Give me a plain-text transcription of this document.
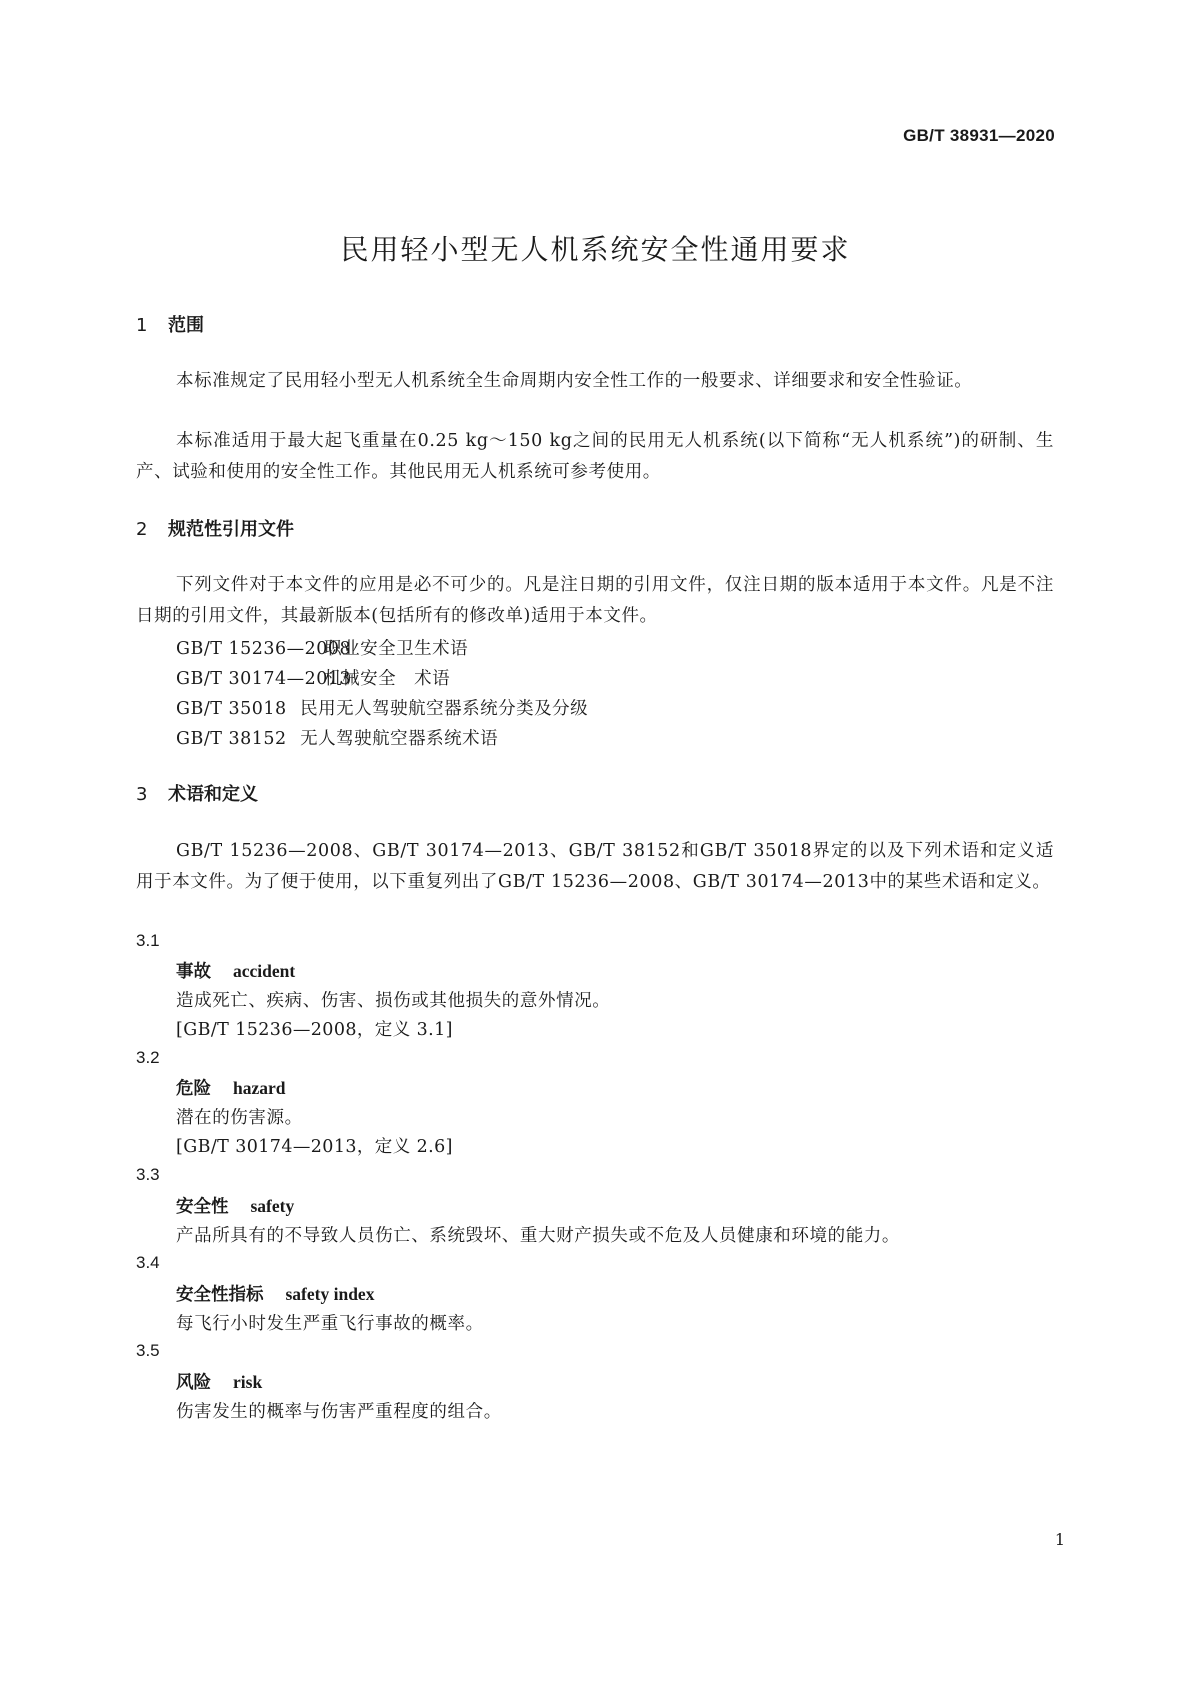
GB/T 38931—2020
民用轻小型无人机系统安全性通用要求
1 范围
本标准规定了民用轻小型无人机系统全生命周期内安全性工作的一般要求、详细要求和安全性验证。
本标准适用于最大起飞重量在0.25 kg～150 kg之间的民用无人机系统(以下简称“无人机系统”)的研制、生产、试验和使用的安全性工作。其他民用无人机系统可参考使用。
2 规范性引用文件
下列文件对于本文件的应用是必不可少的。凡是注日期的引用文件，仅注日期的版本适用于本文件。凡是不注日期的引用文件，其最新版本(包括所有的修改单)适用于本文件。
GB/T 15236—2008 职业安全卫生术语
GB/T 30174—2013 机械安全　术语
GB/T 35018 民用无人驾驶航空器系统分类及分级
GB/T 38152 无人驾驶航空器系统术语
3 术语和定义
GB/T 15236—2008、GB/T 30174—2013、GB/T 38152和GB/T 35018界定的以及下列术语和定义适用于本文件。为了便于使用，以下重复列出了GB/T 15236—2008、GB/T 30174—2013中的某些术语和定义。
3.1
事故 accident
造成死亡、疾病、伤害、损伤或其他损失的意外情况。
[GB/T 15236—2008，定义 3.1]
3.2
危险 hazard
潜在的伤害源。
[GB/T 30174—2013，定义 2.6]
3.3
安全性 safety
产品所具有的不导致人员伤亡、系统毁坏、重大财产损失或不危及人员健康和环境的能力。
3.4
安全性指标 safety index
每飞行小时发生严重飞行事故的概率。
3.5
风险 risk
伤害发生的概率与伤害严重程度的组合。
1
